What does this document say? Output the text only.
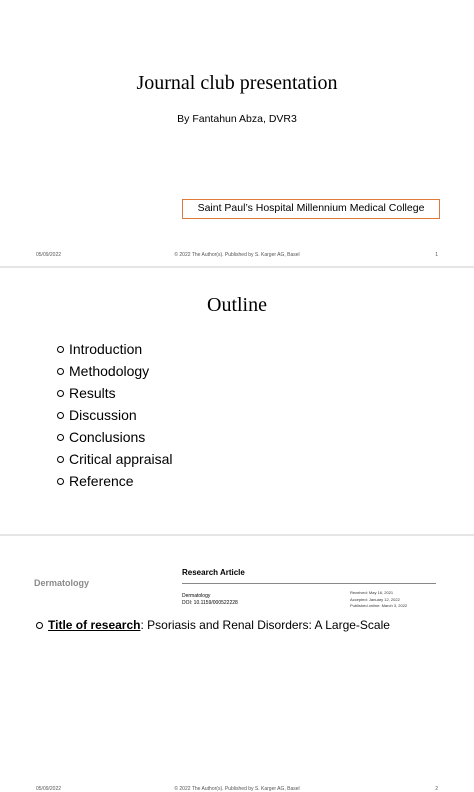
Journal club presentation
By Fantahun Abza, DVR3
Saint Paul’s Hospital Millennium Medical College
05/09/2022	© 2022 The Author(s). Published by S. Karger AG, Basel	1
05/09/2022	© 2022 The Author(s). Published by S. Karger AG, Basel	2
Outline
Introduction
Methodology
Results
Discussion
Conclusions
Critical appraisal
Reference
Dermatology
Research Article
Dermatology
DOI: 10.1159/000522228
Received: May 16, 2021
Accepted: January 12, 2022
Published online: March 3, 2022
Title of research : Psoriasis and Renal Disorders: A Large-Scale
